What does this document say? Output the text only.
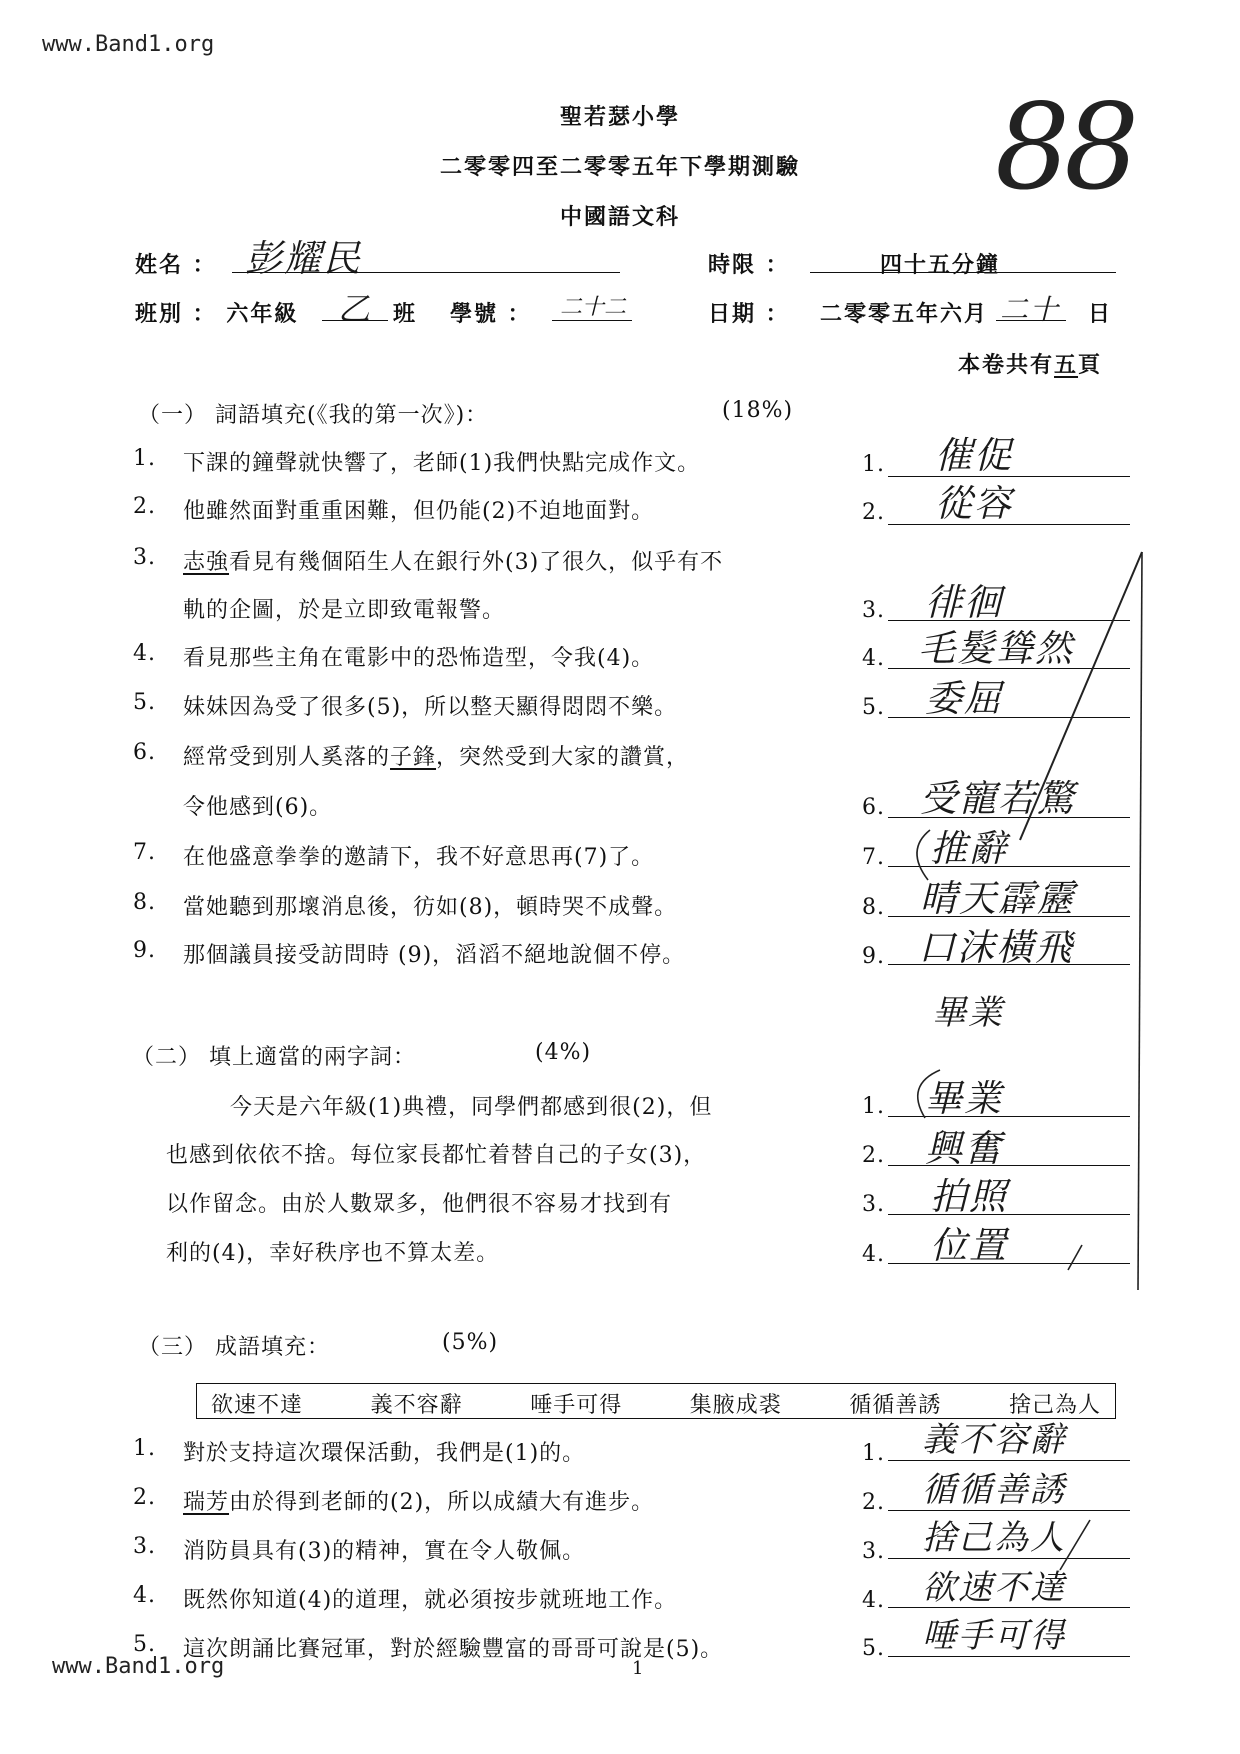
www.Band1.org
www.Band1.org
聖若瑟小學
二零零四至二零零五年下學期測驗
中國語文科
88
姓名 ： 彭耀民	時限 ：	四十五分鐘
班別 ： 六年級 乙 班 學號 ： 二十二	日期 ： 二零零五年六月 二十 日
本卷共有五頁
（一） 詞語填充(《我的第一次》)：	(18%)
1. 下課的鐘聲就快響了，老師(1)我們快點完成作文。
2. 他雖然面對重重困難，但仍能(2)不迫地面對。
3. 志強看見有幾個陌生人在銀行外(3)了很久，似乎有不
軌的企圖，於是立即致電報警。
4. 看見那些主角在電影中的恐怖造型，令我(4)。
5. 妹妹因為受了很多(5)，所以整天顯得悶悶不樂。
6. 經常受到別人奚落的子鋒，突然受到大家的讚賞，
令他感到(6)。
7. 在他盛意拳拳的邀請下，我不好意思再(7)了。
8. 當她聽到那壞消息後，彷如(8)，頓時哭不成聲。
9. 那個議員接受訪問時 (9)，滔滔不絕地說個不停。
1. 催促
2. 從容
3. 徘徊
4. 毛髮聳然
5. 委屈
6. 受寵若驚
7. 推辭
8. 晴天霹靂
9. 口沫橫飛
畢業
（二） 填上適當的兩字詞：	(4%)
今天是六年級(1)典禮，同學們都感到很(2)，但
也感到依依不捨。每位家長都忙着替自己的子女(3)，
以作留念。由於人數眾多，他們很不容易才找到有
利的(4)，幸好秩序也不算太差。
1. 畢業
2. 興奮
3. 拍照
4. 位置
（三） 成語填充：	(5%)
欲速不達	義不容辭	唾手可得	集腋成裘	循循善誘	捨己為人
1. 對於支持這次環保活動，我們是(1)的。
2. 瑞芳由於得到老師的(2)，所以成績大有進步。
3. 消防員具有(3)的精神，實在令人敬佩。
4. 既然你知道(4)的道理，就必須按步就班地工作。
5. 這次朗誦比賽冠軍，對於經驗豐富的哥哥可說是(5)。
1. 義不容辭
2. 循循善誘
3. 捨己為人
4. 欲速不達
5. 唾手可得
1
